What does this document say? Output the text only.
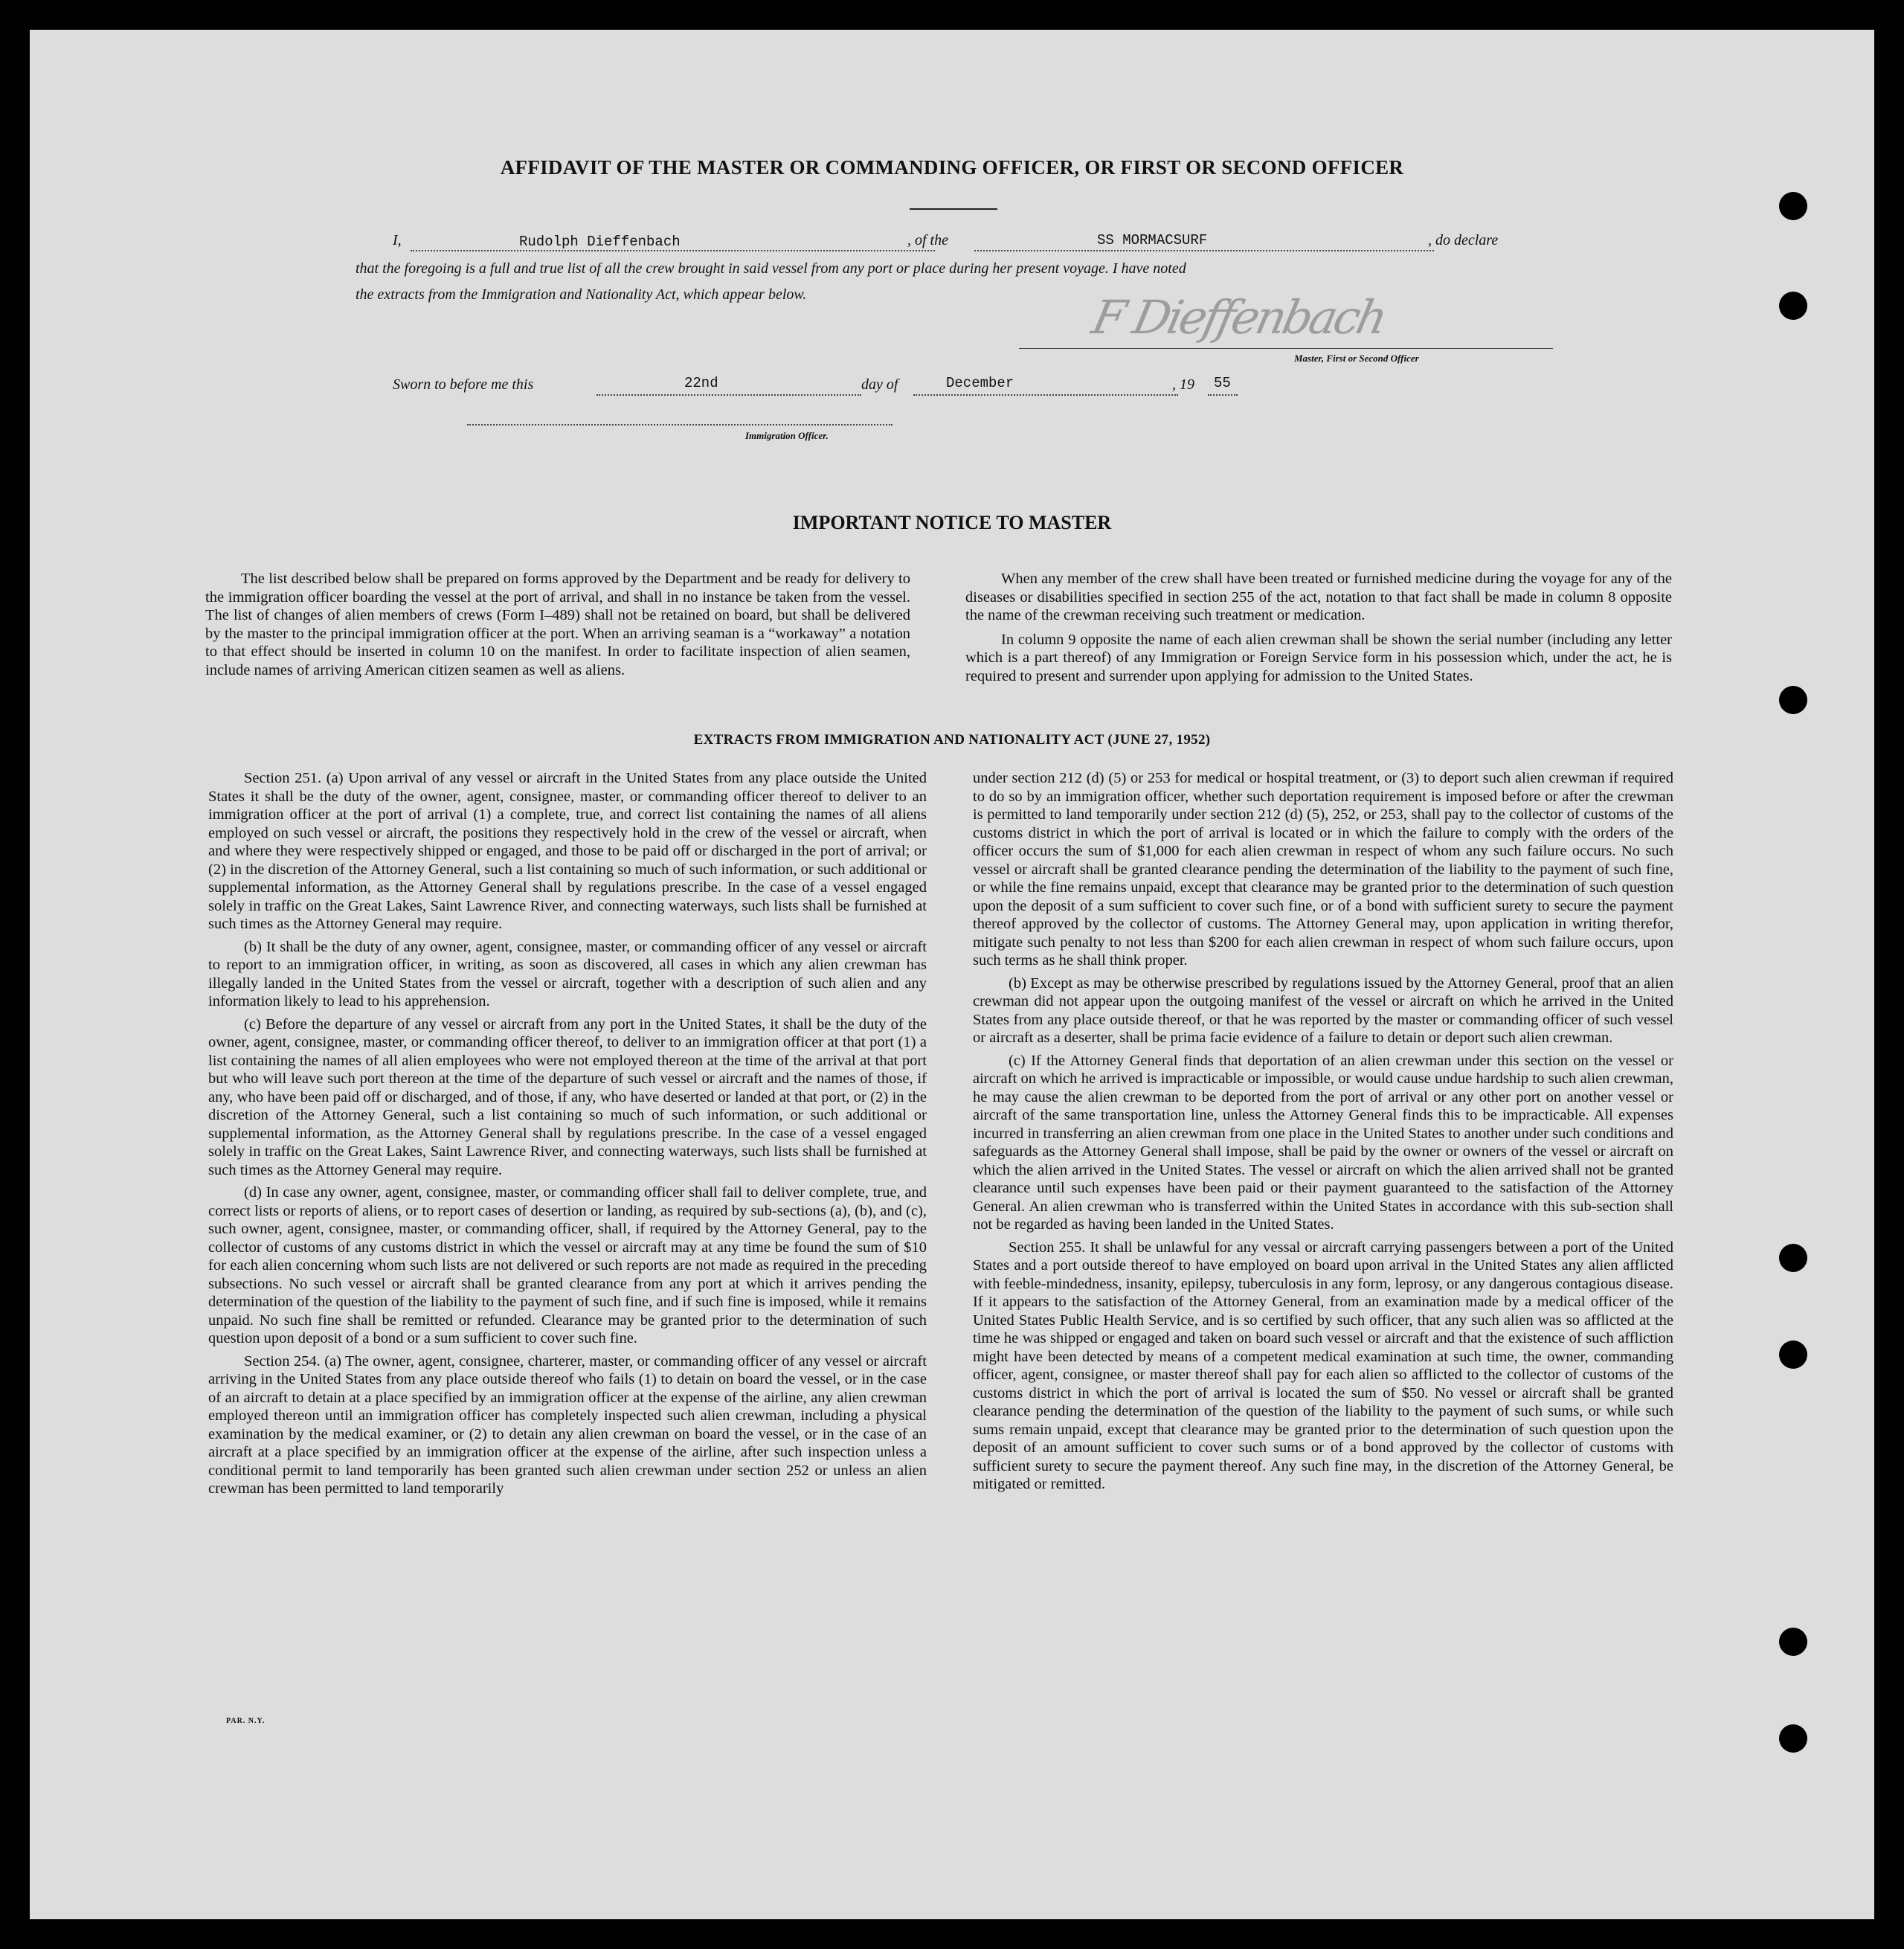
AFFIDAVIT OF THE MASTER OR COMMANDING OFFICER, OR FIRST OR SECOND OFFICER
I,	Rudolph Dieffenbach	, of the	SS MORMACSURF	, do declare
that the foregoing is a full and true list of all the crew brought in said vessel from any port or place during her present voyage. I have noted
the extracts from the Immigration and Nationality Act, which appear below.	F Dieffenbach
Master, First or Second Officer
Sworn to before me this	22nd	day of	December	, 19 55
Immigration Officer.
IMPORTANT NOTICE TO MASTER

The list described below shall be prepared on forms approved by the Department and be ready for delivery to the immigration officer boarding the vessel at the port of arrival, and shall in no instance be taken from the vessel. The list of changes of alien members of crews (Form I–489) shall not be retained on board, but shall be delivered by the master to the principal immigration officer at the port. When an arriving seaman is a “workaway” a notation to that effect should be inserted in column 10 on the manifest. In order to facilitate inspection of alien seamen, include names of arriving American citizen seamen as well as aliens.

When any member of the crew shall have been treated or furnished medicine during the voyage for any of the diseases or disabilities specified in section 255 of the act, notation to that fact shall be made in column 8 opposite the name of the crewman receiving such treatment or medication.

In column 9 opposite the name of each alien crewman shall be shown the serial number (including any letter which is a part thereof) of any Immigration or Foreign Service form in his possession which, under the act, he is required to present and surrender upon applying for admission to the United States.

EXTRACTS FROM IMMIGRATION AND NATIONALITY ACT (JUNE 27, 1952)

Section 251. (a) Upon arrival of any vessel or aircraft in the United States from any place outside the United States it shall be the duty of the owner, agent, consignee, master, or commanding officer thereof to deliver to an immigration officer at the port of arrival (1) a complete, true, and correct list containing the names of all aliens employed on such vessel or aircraft, the positions they respectively hold in the crew of the vessel or aircraft, when and where they were respectively shipped or engaged, and those to be paid off or discharged in the port of arrival; or (2) in the discretion of the Attorney General, such a list containing so much of such information, or such additional or supplemental information, as the Attorney General shall by regulations prescribe. In the case of a vessel engaged solely in traffic on the Great Lakes, Saint Lawrence River, and connecting waterways, such lists shall be furnished at such times as the Attorney General may require.

(b) It shall be the duty of any owner, agent, consignee, master, or commanding officer of any vessel or aircraft to report to an immigration officer, in writing, as soon as discovered, all cases in which any alien crewman has illegally landed in the United States from the vessel or aircraft, together with a description of such alien and any information likely to lead to his apprehension.

(c) Before the departure of any vessel or aircraft from any port in the United States, it shall be the duty of the owner, agent, consignee, master, or commanding officer thereof, to deliver to an immigration officer at that port (1) a list containing the names of all alien employees who were not employed thereon at the time of the arrival at that port but who will leave such port thereon at the time of the departure of such vessel or aircraft and the names of those, if any, who have been paid off or discharged, and of those, if any, who have deserted or landed at that port, or (2) in the discretion of the Attorney General, such a list containing so much of such information, or such additional or supplemental information, as the Attorney General shall by regulations prescribe. In the case of a vessel engaged solely in traffic on the Great Lakes, Saint Lawrence River, and connecting waterways, such lists shall be furnished at such times as the Attorney General may require.

(d) In case any owner, agent, consignee, master, or commanding officer shall fail to deliver complete, true, and correct lists or reports of aliens, or to report cases of desertion or landing, as required by sub-sections (a), (b), and (c), such owner, agent, consignee, master, or commanding officer, shall, if required by the Attorney General, pay to the collector of customs of any customs district in which the vessel or aircraft may at any time be found the sum of $10 for each alien concerning whom such lists are not delivered or such reports are not made as required in the preceding subsections. No such vessel or aircraft shall be granted clearance from any port at which it arrives pending the determination of the question of the liability to the payment of such fine, and if such fine is imposed, while it remains unpaid. No such fine shall be remitted or refunded. Clearance may be granted prior to the determination of such question upon deposit of a bond or a sum sufficient to cover such fine.

Section 254. (a) The owner, agent, consignee, charterer, master, or commanding officer of any vessel or aircraft arriving in the United States from any place outside thereof who fails (1) to detain on board the vessel, or in the case of an aircraft to detain at a place specified by an immigration officer at the expense of the airline, any alien crewman employed thereon until an immigration officer has completely inspected such alien crewman, including a physical examination by the medical examiner, or (2) to detain any alien crewman on board the vessel, or in the case of an aircraft at a place specified by an immigration officer at the expense of the airline, after such inspection unless a conditional permit to land temporarily has been granted such alien crewman under section 252 or unless an alien crewman has been permitted to land temporarily

under section 212 (d) (5) or 253 for medical or hospital treatment, or (3) to deport such alien crewman if required to do so by an immigration officer, whether such deportation requirement is imposed before or after the crewman is permitted to land temporarily under section 212 (d) (5), 252, or 253, shall pay to the collector of customs of the customs district in which the port of arrival is located or in which the failure to comply with the orders of the officer occurs the sum of $1,000 for each alien crewman in respect of whom any such failure occurs. No such vessel or aircraft shall be granted clearance pending the determination of the liability to the payment of such fine, or while the fine remains unpaid, except that clearance may be granted prior to the determination of such question upon the deposit of a sum sufficient to cover such fine, or of a bond with sufficient surety to secure the payment thereof approved by the collector of customs. The Attorney General may, upon application in writing therefor, mitigate such penalty to not less than $200 for each alien crewman in respect of whom such failure occurs, upon such terms as he shall think proper.

(b) Except as may be otherwise prescribed by regulations issued by the Attorney General, proof that an alien crewman did not appear upon the outgoing manifest of the vessel or aircraft on which he arrived in the United States from any place outside thereof, or that he was reported by the master or commanding officer of such vessel or aircraft as a deserter, shall be prima facie evidence of a failure to detain or deport such alien crewman.

(c) If the Attorney General finds that deportation of an alien crewman under this section on the vessel or aircraft on which he arrived is impracticable or impossible, or would cause undue hardship to such alien crewman, he may cause the alien crewman to be deported from the port of arrival or any other port on another vessel or aircraft of the same transportation line, unless the Attorney General finds this to be impracticable. All expenses incurred in transferring an alien crewman from one place in the United States to another under such conditions and safeguards as the Attorney General shall impose, shall be paid by the owner or owners of the vessel or aircraft on which the alien arrived in the United States. The vessel or aircraft on which the alien arrived shall not be granted clearance until such expenses have been paid or their payment guaranteed to the satisfaction of the Attorney General. An alien crewman who is transferred within the United States in accordance with this sub-section shall not be regarded as having been landed in the United States.

Section 255. It shall be unlawful for any vessal or aircraft carrying passengers between a port of the United States and a port outside thereof to have employed on board upon arrival in the United States any alien afflicted with feeble-mindedness, insanity, epilepsy, tuberculosis in any form, leprosy, or any dangerous contagious disease. If it appears to the satisfaction of the Attorney General, from an examination made by a medical officer of the United States Public Health Service, and is so certified by such officer, that any such alien was so afflicted at the time he was shipped or engaged and taken on board such vessel or aircraft and that the existence of such affliction might have been detected by means of a competent medical examination at such time, the owner, commanding officer, agent, consignee, or master thereof shall pay for each alien so afflicted to the collector of customs of the customs district in which the port of arrival is located the sum of $50. No vessel or aircraft shall be granted clearance pending the determination of the question of the liability to the payment of such sums, or while such sums remain unpaid, except that clearance may be granted prior to the determination of such question upon the deposit of an amount sufficient to cover such sums or of a bond approved by the collector of customs with sufficient surety to secure the payment thereof. Any such fine may, in the discretion of the Attorney General, be mitigated or remitted.

PAR. N.Y.
